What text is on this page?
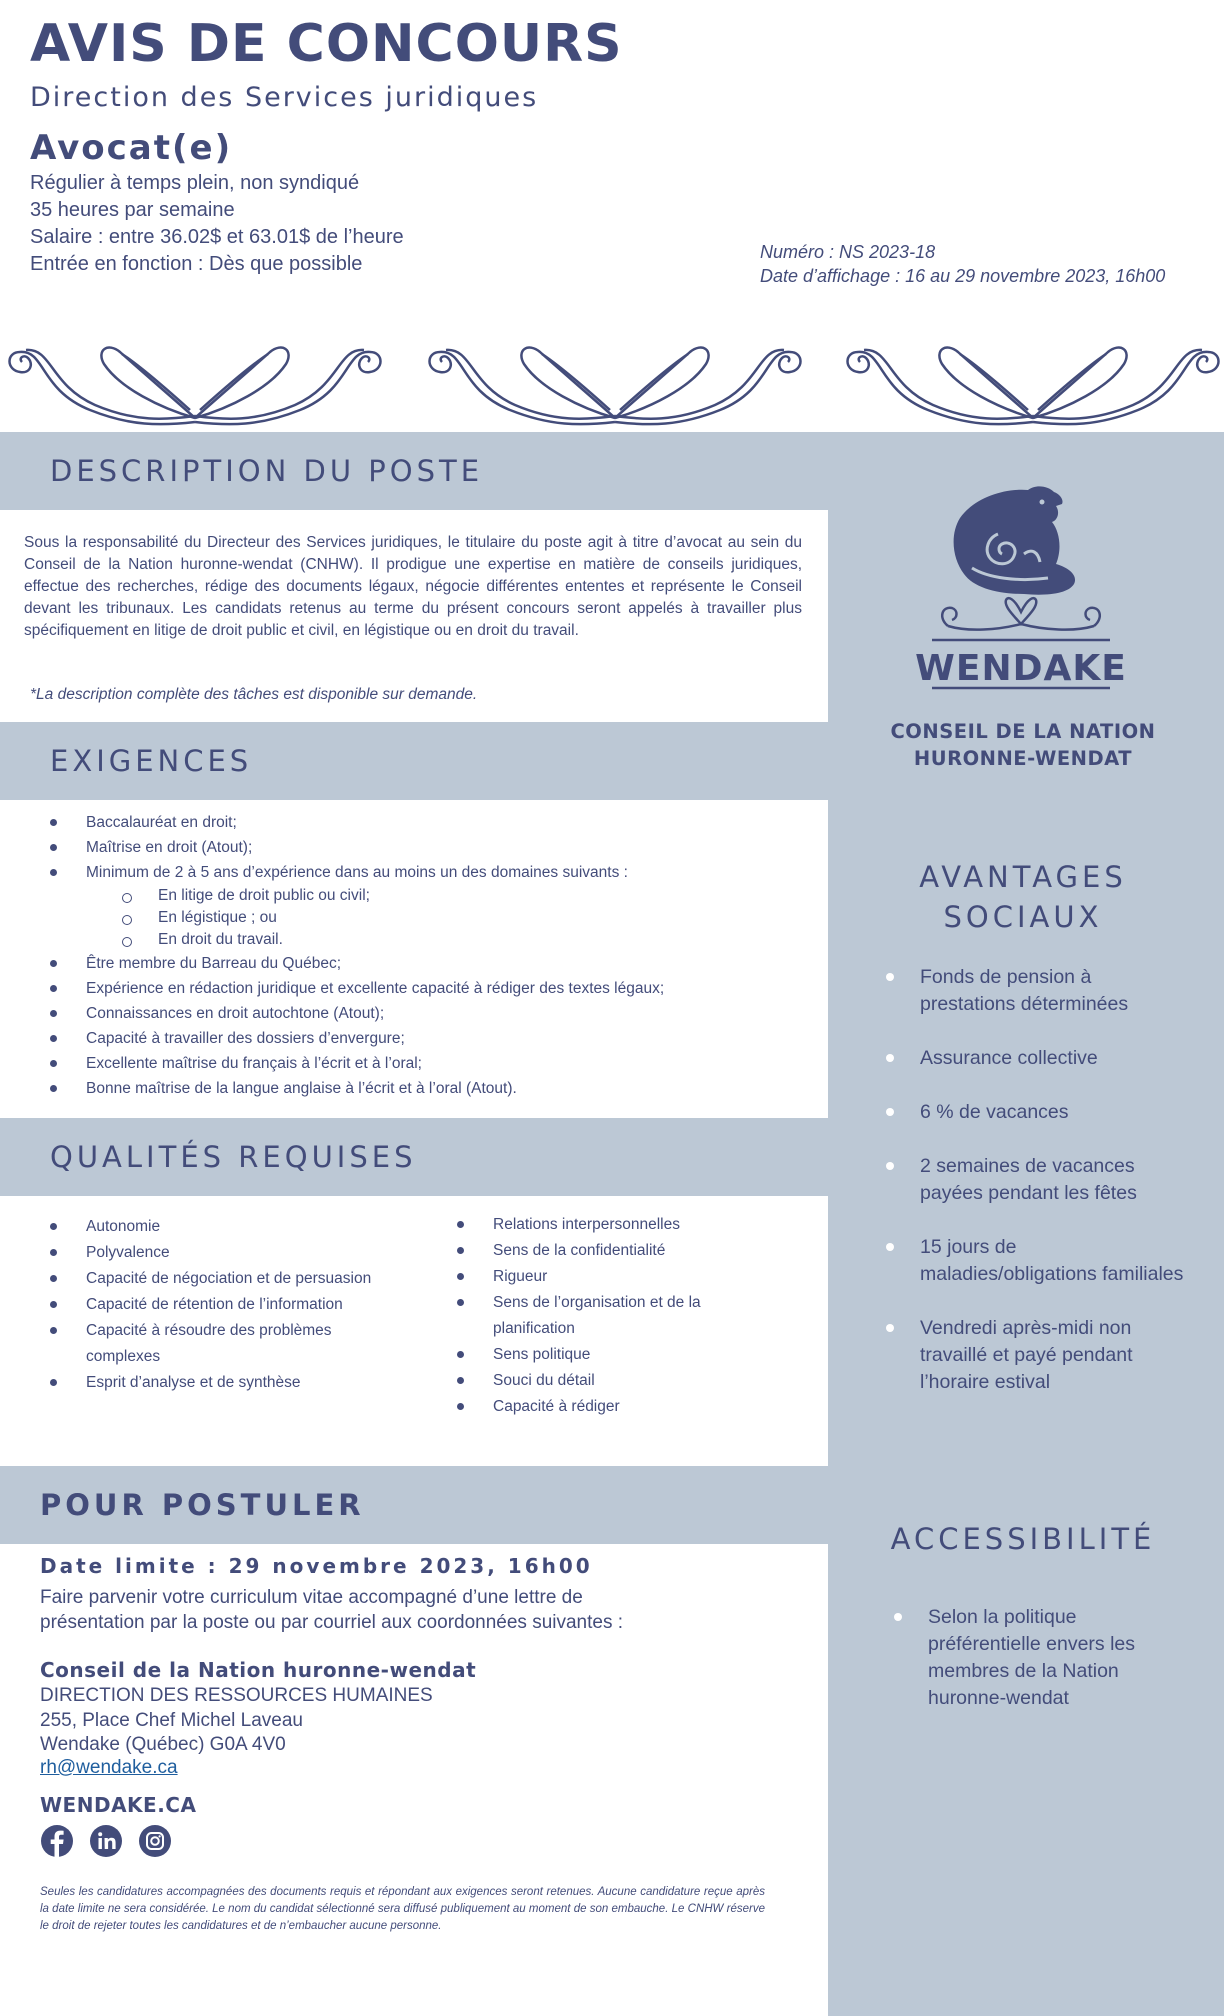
AVIS DE CONCOURS
Direction des Services juridiques
Avocat(e)
Régulier à temps plein, non syndiqué
35 heures par semaine
Salaire : entre 36.02$ et 63.01$ de l’heure
Entrée en fonction : Dès que possible
Numéro : NS 2023-18
Date d’affichage : 16 au 29 novembre 2023, 16h00
DESCRIPTION DU POSTE
Sous la responsabilité du Directeur des Services juridiques, le titulaire du poste agit à titre d’avocat au sein du Conseil de la Nation huronne-wendat (CNHW). Il prodigue une expertise en matière de conseils juridiques, effectue des recherches, rédige des documents légaux, négocie différentes ententes et représente le Conseil devant les tribunaux. Les candidats retenus au terme du présent concours seront appelés à travailler plus spécifiquement en litige de droit public et civil, en légistique ou en droit du travail.
*La description complète des tâches est disponible sur demande.
EXIGENCES
Baccalauréat en droit;
Maîtrise en droit (Atout);
Minimum de 2 à 5 ans d’expérience dans au moins un des domaines suivants :
En litige de droit public ou civil;
En légistique ; ou
En droit du travail.
Être membre du Barreau du Québec;
Expérience en rédaction juridique et excellente capacité à rédiger des textes légaux;
Connaissances en droit autochtone (Atout);
Capacité à travailler des dossiers d’envergure;
Excellente maîtrise du français à l’écrit et à l’oral;
Bonne maîtrise de la langue anglaise à l’écrit et à l’oral (Atout).
QUALITÉS REQUISES
Autonomie
Polyvalence
Capacité de négociation et de persuasion
Capacité de rétention de l’information
Capacité à résoudre des problèmes complexes
Esprit d’analyse et de synthèse
Relations interpersonnelles
Sens de la confidentialité
Rigueur
Sens de l’organisation et de la planification
Sens politique
Souci du détail
Capacité à rédiger
POUR POSTULER
Date limite : 29 novembre 2023, 16h00
Faire parvenir votre curriculum vitae accompagné d’une lettre de présentation par la poste ou par courriel aux coordonnées suivantes :
Conseil de la Nation huronne-wendat
DIRECTION DES RESSOURCES HUMAINES
255, Place Chef Michel Laveau
Wendake (Québec) G0A 4V0
rh@wendake.ca
WENDAKE.CA
Seules les candidatures accompagnées des documents requis et répondant aux exigences seront retenues. Aucune candidature reçue après la date limite ne sera considérée. Le nom du candidat sélectionné sera diffusé publiquement au moment de son embauche. Le CNHW réserve le droit de rejeter toutes les candidatures et de n’embaucher aucune personne.
WENDAKE
CONSEIL DE LA NATION
HURONNE-WENDAT
AVANTAGES
SOCIAUX
Fonds de pension à prestations déterminées
Assurance collective
6 % de vacances
2 semaines de vacances payées pendant les fêtes
15 jours de maladies/obligations familiales
Vendredi après-midi non travaillé et payé pendant l’horaire estival
ACCESSIBILITÉ
Selon la politique préférentielle envers les membres de la Nation huronne-wendat
